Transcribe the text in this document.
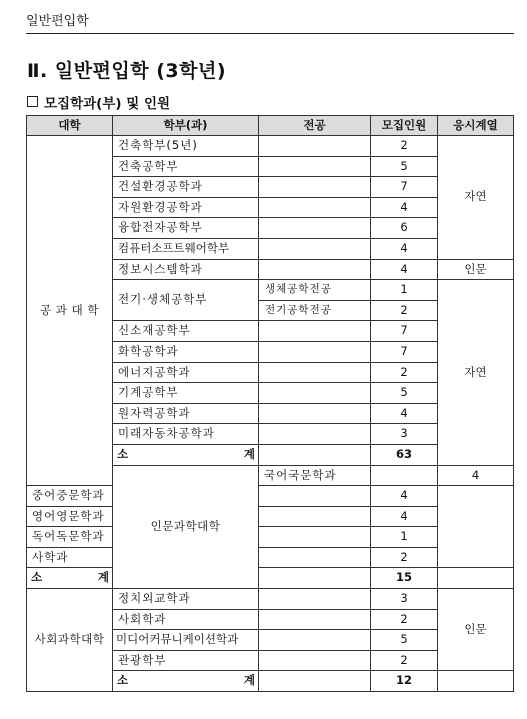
일반편입학
Ⅱ. 일반편입학 (3학년)
모집학과(부) 및 인원
대학	학부(과)	전공	모집인원	응시계열	
공 과 대 학	건축학부(5년)		2	자연	
	건축공학부		5		
	건설환경공학과		7		
	자원환경공학과		4		
	융합전자공학부		6		
	컴퓨터소프트웨어학부		4		
	정보시스템학과		4	인문	
	전기·생체공학부	생체공학전공	1	자연	
		전기공학전공	2		
	신소재공학부		7		
	화학공학과		7		
	에너지공학과		2		
	기계공학부		5		
	원자력공학과		4		
	미래자동차공학과		3		

	소 계		63		
	인문과학대학	국어국문학과		4	
중어중문학과			4		
영어영문학과			4		
독어독문학과			1		
사학과			2		

소 계			15		
사회과학대학	정치외교학과		3	인문	
	사회학과		2		
	미디어커뮤니케이션학과		5		
	관광학부		2		

	소 계		12		
